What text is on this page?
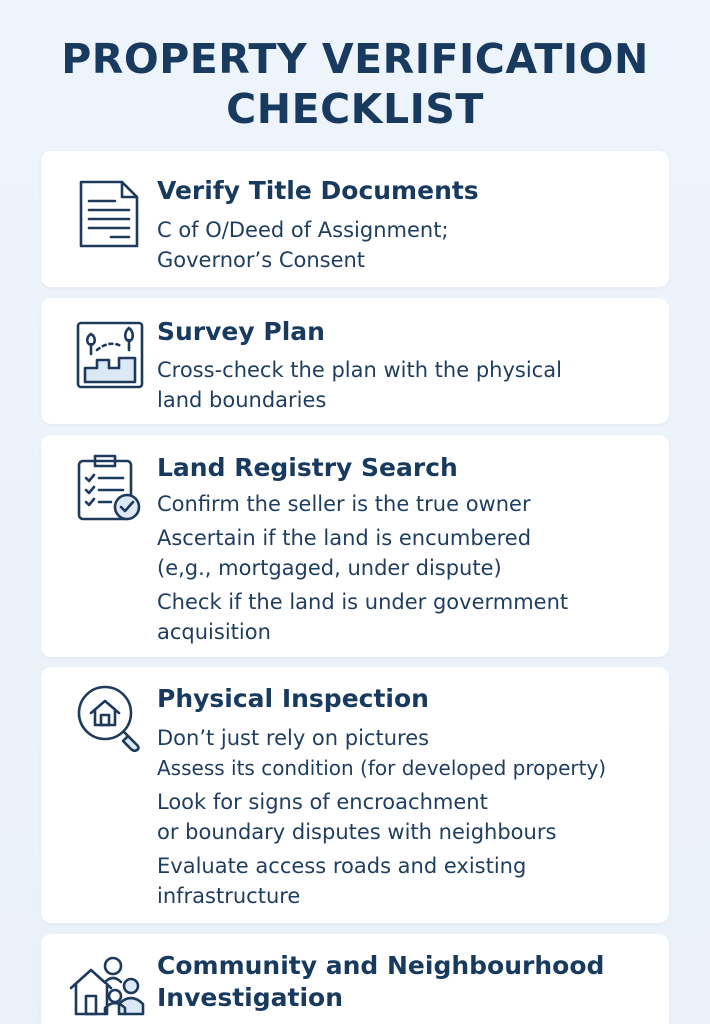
PROPERTY VERIFICATION
CHECKLIST
Verify Title Documents
C of O/Deed of Assignment;
Governor’s Consent
Survey Plan
Cross-check the plan with the physical
land boundaries
Land Registry Search
Confirm the seller is the true owner
Ascertain if the land is encumbered
(e,g., mortgaged, under dispute)
Check if the land is under govermment
acquisition
Physical Inspection
Don’t just rely on pictures
Assess its condition (for developed property)
Look for signs of encroachment
or boundary disputes with neighbours
Evaluate access roads and existing
infrastructure
Community and Neighbourhood
Investigation
